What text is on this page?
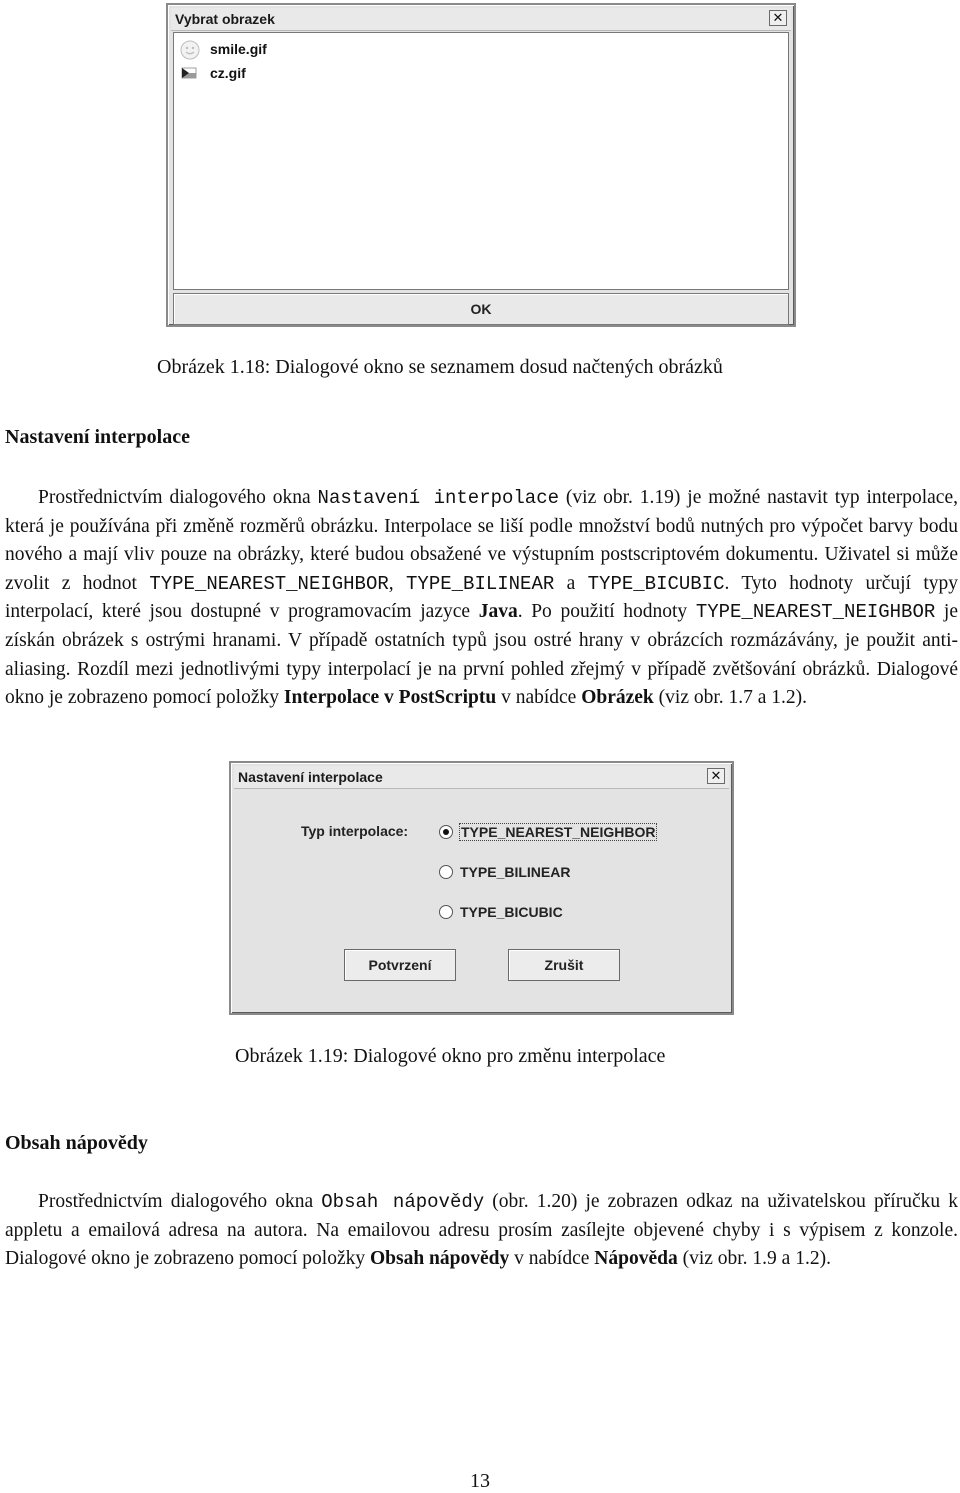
Vybrat obrazek	✕
smile.gif
cz.gif
OK
Obrázek 1.18: Dialogové okno se seznamem dosud načtených obrázků
Nastavení interpolace

Prostřednictvím dialogového okna Nastavení interpolace (viz obr. 1.19) je možné nastavit typ interpolace, která je používána při změně rozměrů obrázku. Interpolace se liší podle množství bodů nutných pro výpočet barvy bodu nového a mají vliv pouze na obrázky, které budou obsažené ve výstupním postscriptovém dokumentu. Uživatel si může zvolit z hodnot TYPE_NEAREST_NEIGHBOR, TYPE_BILINEAR a TYPE_BICUBIC. Tyto hodnoty určují typy interpolací, které jsou dostupné v programovacím jazyce Java. Po použití hodnoty TYPE_NEAREST_NEIGHBOR je získán obrázek s ostrými hranami. V případě ostatních typů jsou ostré hrany v obrázcích rozmázávány, je použit anti-aliasing. Rozdíl mezi jednotlivými typy interpolací je na první pohled zřejmý v případě zvětšování obrázků. Dialogové okno je zobrazeno pomocí položky Interpolace v PostScriptu v nabídce Obrázek (viz obr. 1.7 a 1.2).

Nastavení interpolace	✕
Typ interpolace:	TYPE_NEAREST_NEIGHBOR
TYPE_BILINEAR
TYPE_BICUBIC
Potvrzení	Zrušit
Obrázek 1.19: Dialogové okno pro změnu interpolace
Obsah nápovědy

Prostřednictvím dialogového okna Obsah nápovědy (obr. 1.20) je zobrazen odkaz na uživatelskou příručku k appletu a emailová adresa na autora. Na emailovou adresu prosím zasílejte objevené chyby i s výpisem z konzole. Dialogové okno je zobrazeno pomocí položky Obsah nápovědy v nabídce Nápověda (viz obr. 1.9 a 1.2).

13
